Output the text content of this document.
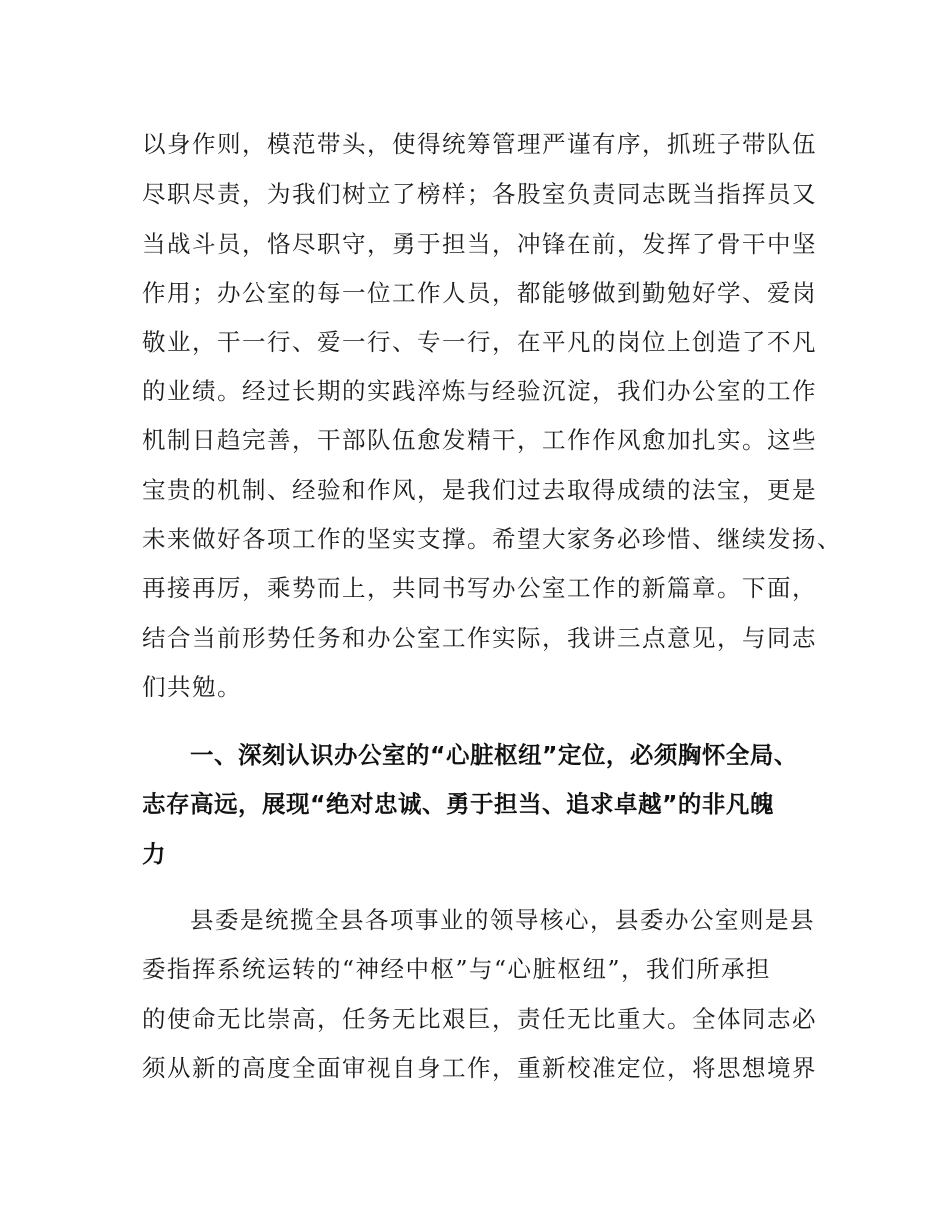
以身作则，模范带头，使得统筹管理严谨有序，抓班子带队伍
尽职尽责，为我们树立了榜样；各股室负责同志既当指挥员又
当战斗员，恪尽职守，勇于担当，冲锋在前，发挥了骨干中坚
作用；办公室的每一位工作人员，都能够做到勤勉好学、爱岗
敬业，干一行、爱一行、专一行，在平凡的岗位上创造了不凡
的业绩。经过长期的实践淬炼与经验沉淀，我们办公室的工作
机制日趋完善，干部队伍愈发精干，工作作风愈加扎实。这些
宝贵的机制、经验和作风，是我们过去取得成绩的法宝，更是
未来做好各项工作的坚实支撑。希望大家务必珍惜、继续发扬、
再接再厉，乘势而上，共同书写办公室工作的新篇章。下面，
结合当前形势任务和办公室工作实际，我讲三点意见，与同志
们共勉。
一、深刻认识办公室的“心脏枢纽”定位，必须胸怀全局、
志存高远，展现“绝对忠诚、勇于担当、追求卓越”的非凡魄
力
县委是统揽全县各项事业的领导核心，县委办公室则是县
委指挥系统运转的“神经中枢”与“心脏枢纽”，我们所承担
的使命无比崇高，任务无比艰巨，责任无比重大。全体同志必
须从新的高度全面审视自身工作，重新校准定位，将思想境界
